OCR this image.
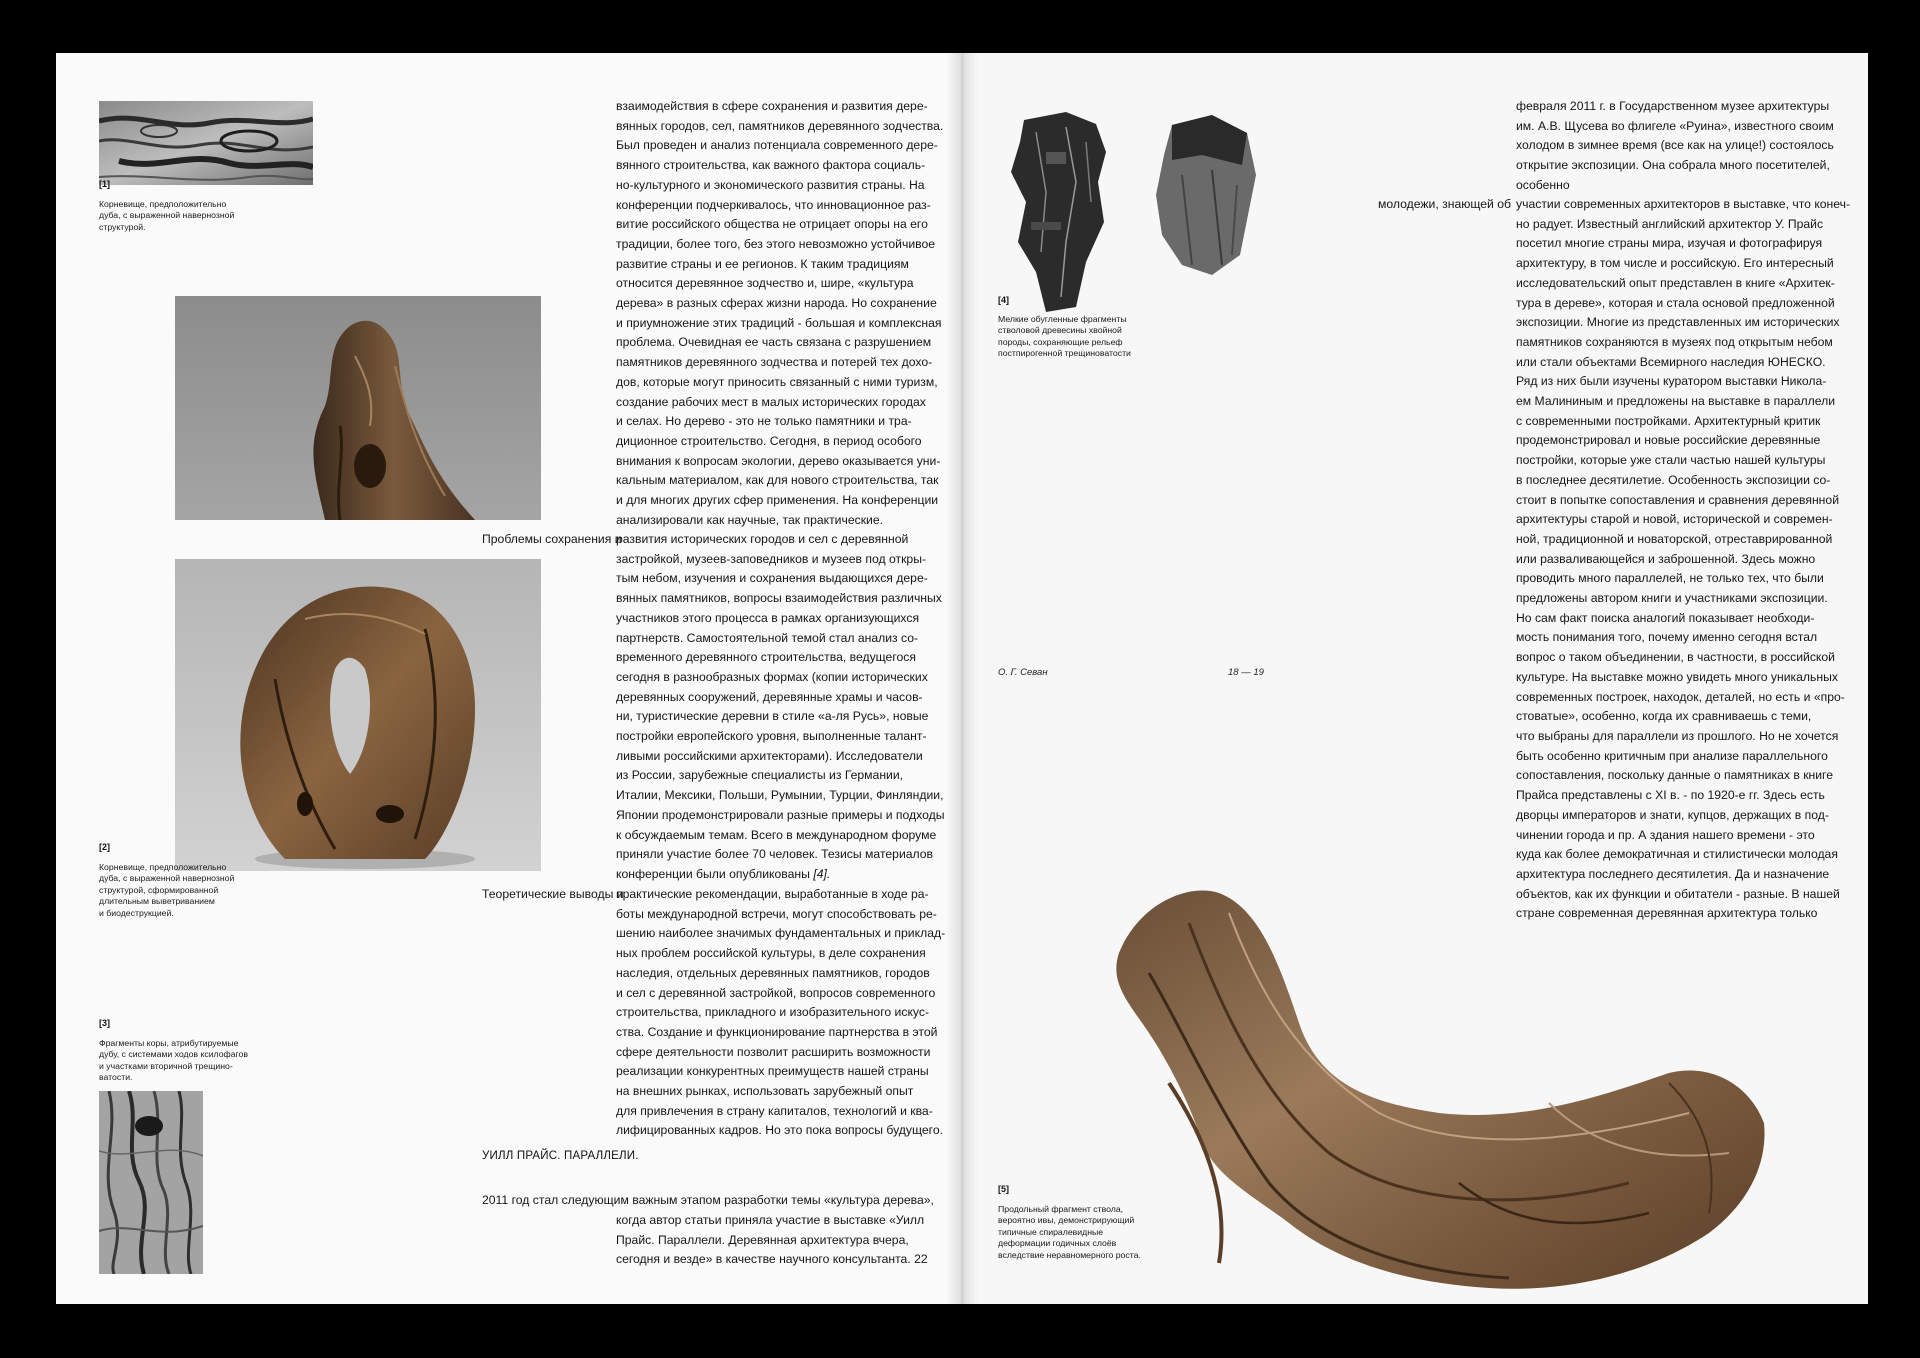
[1]
Корневище, предположительно
дуба, с выраженной навернозной
структурой.
[2]
Корневище, предположительно
дуба, с выраженной навернозной
структурой, сформированной
длительным выветриванием
и биодеструкцией.
[3]
Фрагменты коры, атрибутируемые
дубу, с системами ходов ксилофагов
и участками вторичной трещино-
ватости.
взаимодействия в сфере сохранения и развития дере-
вянных городов, сел, памятников деревянного зодчества.
Был проведен и анализ потенциала современного дере-
вянного строительства, как важного фактора социаль-
но-культурного и экономического развития страны. На
конференции подчеркивалось, что инновационное раз-
витие российского общества не отрицает опоры на его
традиции, более того, без этого невозможно устойчивое
развитие страны и ее регионов. К таким традициям
относится деревянное зодчество и, шире, «культура
дерева» в разных сферах жизни народа. Но сохранение
и приумножение этих традиций - большая и комплексная
проблема. Очевидная ее часть связана с разрушением
памятников деревянного зодчества и потерей тех дохо-
дов, которые могут приносить связанный с ними туризм,
создание рабочих мест в малых исторических городах
и селах. Но дерево - это не только памятники и тра-
диционное строительство. Сегодня, в период особого
внимания к вопросам экологии, дерево оказывается уни-
кальным материалом, как для нового строительства, так
и для многих других сфер применения. На конференции
анализировали как научные, так практические.
Проблемы сохранения и
развития исторических городов и сел с деревянной
застройкой, музеев-заповедников и музеев под откры-
тым небом, изучения и сохранения выдающихся дере-
вянных памятников, вопросы взаимодействия различных
участников этого процесса в рамках организующихся
партнерств. Самостоятельной темой стал анализ со-
временного деревянного строительства, ведущегося
сегодня в разнообразных формах (копии исторических
деревянных сооружений, деревянные храмы и часов-
ни, туристические деревни в стиле «а-ля Русь», новые
постройки европейского уровня, выполненные талант-
ливыми российскими архитекторами). Исследователи
из России, зарубежные специалисты из Германии,
Италии, Мексики, Польши, Румынии, Турции, Финляндии,
Японии продемонстрировали разные примеры и подходы
к обсуждаемым темам. Всего в международном форуме
приняли участие более 70 человек. Тезисы материалов
конференции были опубликованы [4].
Теоретические выводы и
практические рекомендации, выработанные в ходе ра-
боты международной встречи, могут способствовать ре-
шению наиболее значимых фундаментальных и приклад-
ных проблем российской культуры, в деле сохранения
наследия, отдельных деревянных памятников, городов
и сел с деревянной застройкой, вопросов современного
строительства, прикладного и изобразительного искус-
ства. Создание и функционирование партнерства в этой
сфере деятельности позволит расширить возможности
реализации конкурентных преимуществ нашей страны
на внешних рынках, использовать зарубежный опыт
для привлечения в страну капиталов, технологий и ква-
лифицированных кадров. Но это пока вопросы будущего.
УИЛЛ ПРАЙС. ПАРАЛЛЕЛИ.
2011 год стал следующим важным этапом разработки темы «культура дерева»,
когда автор статьи приняла участие в выставке «Уилл
Прайс. Параллели. Деревянная архитектура вчера,
сегодня и везде» в качестве научного консультанта. 22
[4]
Мелкие обугленные фрагменты
стволовой древесины хвойной
породы, сохраняющие рельеф
постпирогенной трещиноватости
О. Г. Севан	18 — 19
[5]
Продольный фрагмент ствола,
вероятно ивы, демонстрирующий
типичные спиралевидные
деформации годичных слоёв
вследствие неравномерного роста.
февраля 2011 г. в Государственном музее архитектуры
им. А.В. Щусева во флигеле «Руина», известного своим
холодом в зимнее время (все как на улице!) состоялось
открытие экспозиции. Она собрала много посетителей,
особенно
молодежи, знающей об участии современных архитекторов в выставке, что конеч-
но радует. Известный английский архитектор У. Прайс
посетил многие страны мира, изучая и фотографируя
архитектуру, в том числе и российскую. Его интересный
исследовательский опыт представлен в книге «Архитек-
тура в дереве», которая и стала основой предложенной
экспозиции. Многие из представленных им исторических
памятников сохраняются в музеях под открытым небом
или стали объектами Всемирного наследия ЮНЕСКО.
Ряд из них были изучены куратором выставки Никола-
ем Малининым и предложены на выставке в параллели
с современными постройками. Архитектурный критик
продемонстрировал и новые российские деревянные
постройки, которые уже стали частью нашей культуры
в последнее десятилетие. Особенность экспозиции со-
стоит в попытке сопоставления и сравнения деревянной
архитектуры старой и новой, исторической и современ-
ной, традиционной и новаторской, отреставрированной
или разваливающейся и заброшенной. Здесь можно
проводить много параллелей, не только тех, что были
предложены автором книги и участниками экспозиции.
Но сам факт поиска аналогий показывает необходи-
мость понимания того, почему именно сегодня встал
вопрос о таком объединении, в частности, в российской
культуре. На выставке можно увидеть много уникальных
современных построек, находок, деталей, но есть и «про-
стоватые», особенно, когда их сравниваешь с теми,
что выбраны для параллели из прошлого. Но не хочется
быть особенно критичным при анализе параллельного
сопоставления, поскольку данные о памятниках в книге
Прайса представлены с XI в. - по 1920-е гг. Здесь есть
дворцы императоров и знати, купцов, держащих в под-
чинении города и пр. А здания нашего времени - это
куда как более демократичная и стилистически молодая
архитектура последнего десятилетия. Да и назначение
объектов, как их функции и обитатели - разные. В нашей
стране современная деревянная архитектура только
